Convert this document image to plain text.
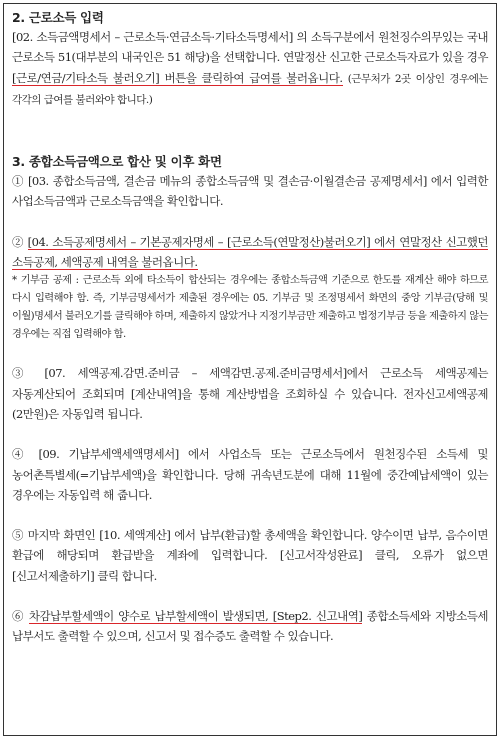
2. 근로소득 입력

[02. 소득금액명세서 – 근로소득·연금소득·기타소득명세서] 의 소득구분에서 원천징수의무있는 국내 근로소득 51(대부분의 내국인은 51 해당)을 선택합니다. 연말정산 신고한 근로소득자료가 있을 경우 [근로/연금/기타소득 불러오기] 버튼을 클릭하여 급여를 불러옵니다. (근무처가 2곳 이상인 경우에는 각각의 급여를 불러와야 합니다.)

3. 종합소득금액으로 합산 및 이후 화면

① [03. 종합소득금액, 결손금 메뉴의 종합소득금액 및 결손금·이월결손금 공제명세서] 에서 입력한 사업소득금액과 근로소득금액을 확인합니다.

② [04. 소득공제명세서 – 기본공제자명세 – [근로소득(연말정산)불러오기] 에서 연말정산 신고했던 소득공제, 세액공제 내역을 불러옵니다.

* 기부금 공제 : 근로소득 외에 타소득이 합산되는 경우에는 종합소득금액 기준으로 한도를 재계산 해야 하므로 다시 입력해야 함. 즉, 기부금명세서가 제출된 경우에는 05. 기부금 및 조정명세서 화면의 중앙 기부금(당해 및 이월)명세서 불러오기를 클릭해야 하며, 제출하지 않았거나 지정기부금만 제출하고 법정기부금 등을 제출하지 않는 경우에는 직접 입력해야 함.

③ [07. 세액공제.감면.준비금 – 세액감면.공제.준비금명세서]에서 근로소득 세액공제는 자동계산되어 조회되며 [계산내역]을 통해 계산방법을 조회하실 수 있습니다. 전자신고세액공제(2만원)은 자동입력 됩니다.

④ [09. 기납부세액세액명세서] 에서 사업소득 또는 근로소득에서 원천징수된 소득세 및 농어촌특별세(=기납부세액)을 확인합니다. 당해 귀속년도분에 대해 11월에 중간예납세액이 있는 경우에는 자동입력 해 줍니다.

⑤ 마지막 화면인 [10. 세액계산] 에서 납부(환급)할 총세액을 확인합니다. 양수이면 납부, 음수이면 환급에 해당되며 환급받을 계좌에 입력합니다. [신고서작성완료] 클릭, 오류가 없으면 [신고서제출하기] 클릭 합니다.

⑥ 차감납부할세액이 양수로 납부할세액이 발생되면, [Step2. 신고내역] 종합소득세와 지방소득세 납부서도 출력할 수 있으며, 신고서 및 접수증도 출력할 수 있습니다.
